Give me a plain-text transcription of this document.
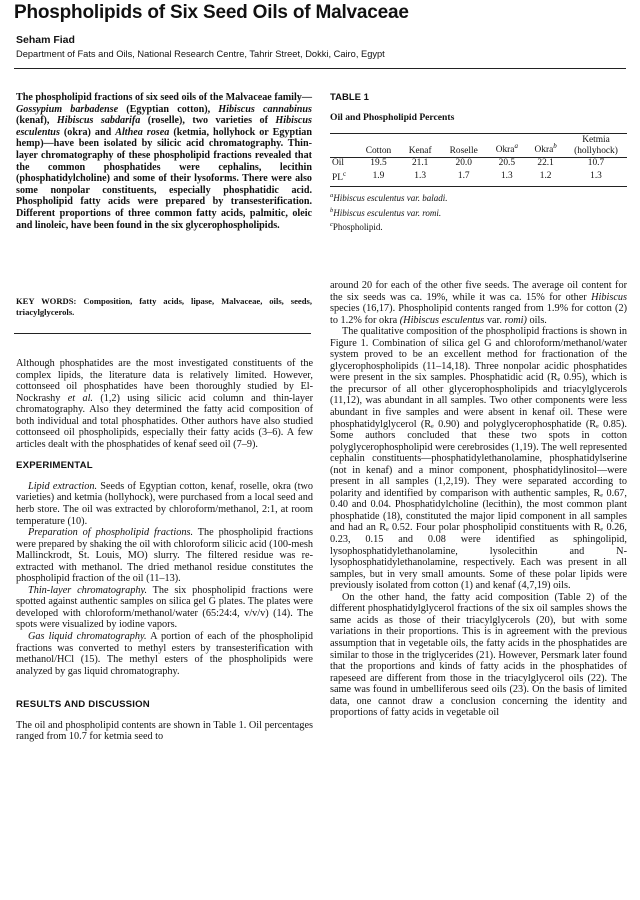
Phospholipids of Six Seed Oils of Malvaceae
Seham Fiad
Department of Fats and Oils, National Research Centre, Tahrir Street, Dokki, Cairo, Egypt

The phospholipid fractions of six seed oils of the Malvaceae family—Gossypium barbadense (Egyptian cotton), Hibiscus cannabinus (kenaf), Hibiscus sabdarifa (roselle), two varieties of Hibiscus esculentus (okra) and Althea rosea (ketmia, hollyhock or Egyptian hemp)—have been isolated by silicic acid chromatography. Thin-layer chromatography of these phospholipid fractions revealed that the common phosphatides were cephalins, lecithin (phosphatidylcholine) and some of their lysoforms. There were also some nonpolar constituents, especially phosphatidic acid. Phospholipid fatty acids were prepared by transesterification. Different proportions of three common fatty acids, palmitic, oleic and linoleic, have been found in the six glycerophospholipids.

KEY WORDS: Composition, fatty acids, lipase, Malvaceae, oils, seeds, triacylglycerols.

Although phosphatides are the most investigated constituents of the complex lipids, the literature data is relatively limited. However, cottonseed oil phosphatides have been thoroughly studied by El-Nockrashy et al. (1,2) using silicic acid column and thin-layer chromatography. Also they determined the fatty acid composition of both individual and total phosphatides. Other authors have also studied cottonseed oil phospholipids, especially their fatty acids (3–6). A few articles dealt with the phosphatides of kenaf seed oil (7–9).

EXPERIMENTAL

Lipid extraction. Seeds of Egyptian cotton, kenaf, roselle, okra (two varieties) and ketmia (hollyhock), were purchased from a local seed and herb store. The oil was extracted by chloroform/methanol, 2:1, at room temperature (10).

Preparation of phospholipid fractions. The phospholipid fractions were prepared by shaking the oil with chloroform silicic acid (100-mesh Mallinckrodt, St. Louis, MO) slurry. The filtered residue was re-extracted with methanol. The dried methanol residue constitutes the phospholipid fraction of the oil (11–13).

Thin-layer chromatography. The six phospholipid fractions were spotted against authentic samples on silica gel G plates. The plates were developed with chloroform/methanol/water (65:24:4, v/v/v) (14). The spots were visualized by iodine vapors.

Gas liquid chromatography. A portion of each of the phospholipid fractions was converted to methyl esters by transesterification with methanol/HCl (15). The methyl esters of the phospholipids were analyzed by gas liquid chromatography.

RESULTS AND DISCUSSION

The oil and phospholipid contents are shown in Table 1. Oil percentages ranged from 10.7 for ketmia seed to

TABLE 1
Oil and Phospholipid Percents
	Cotton	Kenaf	Roselle	Okra$^a$	Okra$^b$	Ketmia (hollyhock)
Oil	19.5	21.1	20.0	20.5	22.1	10.7
$PL^c$	1.9	1.3	1.7	1.3	1.2	1.3
$^a$Hibiscus esculentus var. baladi.
$^b$Hibiscus esculentus var. romi.
$^c$Phospholipid.

around 20 for each of the other five seeds. The average oil content for the six seeds was ca. 19%, while it was ca. 15% for other Hibiscus species (16,17). Phospholipid contents ranged from 1.9% for cotton (2) to 1.2% for okra (Hibiscus esculentus var. romi) oils.

The qualitative composition of the phospholipid fractions is shown in Figure 1. Combination of silica gel G and chloroform/methanol/water system proved to be an excellent method for fractionation of the glycerophospholipids (11–14,18). Three nonpolar acidic phosphatides were present in the six samples. Phosphatidic acid (Rₑ 0.95), which is the precursor of all other glycerophospholipids and triacylglycerols (11,12), was abundant in all samples. Two other components were less abundant in five samples and were absent in kenaf oil. These were phosphatidylglycerol (Rₑ 0.90) and polyglycerophosphatide (Rₑ 0.85). Some authors concluded that these two spots in cotton polyglycerophospholipid were cerebrosides (1,19). The well represented cephalin constituents—phosphatidylethanolamine, phosphatidylserine (not in kenaf) and a minor component, phosphatidylinositol—were present in all samples (1,2,19). They were separated according to polarity and identified by comparison with authentic samples, Rₑ 0.67, 0.40 and 0.04. Phosphatidylcholine (lecithin), the most common plant phosphatide (18), constituted the major lipid component in all samples and had an Rₑ 0.52. Four polar phospholipid constituents with Rₑ 0.26, 0.23, 0.15 and 0.08 were identified as sphingolipid, lysophosphatidylethanolamine, lysolecithin and N-lysophosphatidylethanolamine, respectively. Each was present in all samples, but in very small amounts. Some of these polar lipids were previously isolated from cotton (1) and kenaf (4,7,19) oils.

On the other hand, the fatty acid composition (Table 2) of the different phosphatidylglycerol fractions of the six oil samples shows the same acids as those of their triacylglycerols (20), but with some variations in their proportions. This is in agreement with the previous assumption that in vegetable oils, the fatty acids in the phosphatides are similar to those in the triglycerides (21). However, Persmark later found that the proportions and kinds of fatty acids in the phosphatides of rapeseed are different from those in the triacylglycerol oils (22). The same was found in umbelliferous seed oils (23). On the basis of limited data, one cannot draw a conclusion concerning the identity and proportions of fatty acids in vegetable oil
